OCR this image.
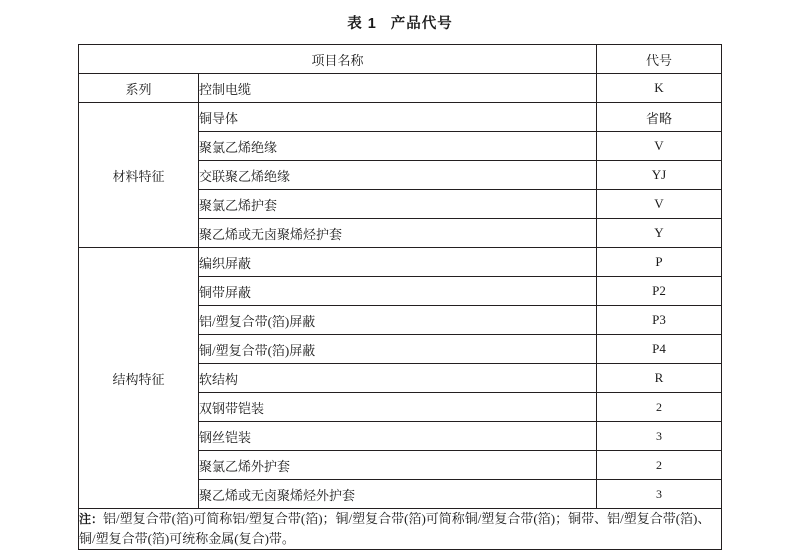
表 1 产品代号
项目名称		代号
系列	控制电缆	K
材料特征	铜导体	省略
	聚氯乙烯绝缘	V
	交联聚乙烯绝缘	YJ
	聚氯乙烯护套	V
	聚乙烯或无卤聚烯烃护套	Y
结构特征	编织屏蔽	P
	铜带屏蔽	P2
	铝/塑复合带(箔)屏蔽	P3
	铜/塑复合带(箔)屏蔽	P4
	软结构	R
	双钢带铠装	2
	钢丝铠装	3
	聚氯乙烯外护套	2
	聚乙烯或无卤聚烯烃外护套	3
注：铝/塑复合带(箔)可简称铝/塑复合带(箔)；铜/塑复合带(箔)可简称铜/塑复合带(箔)；铜带、铝/塑复合带(箔)、铜/塑复合带(箔)可统称金属(复合)带。		
